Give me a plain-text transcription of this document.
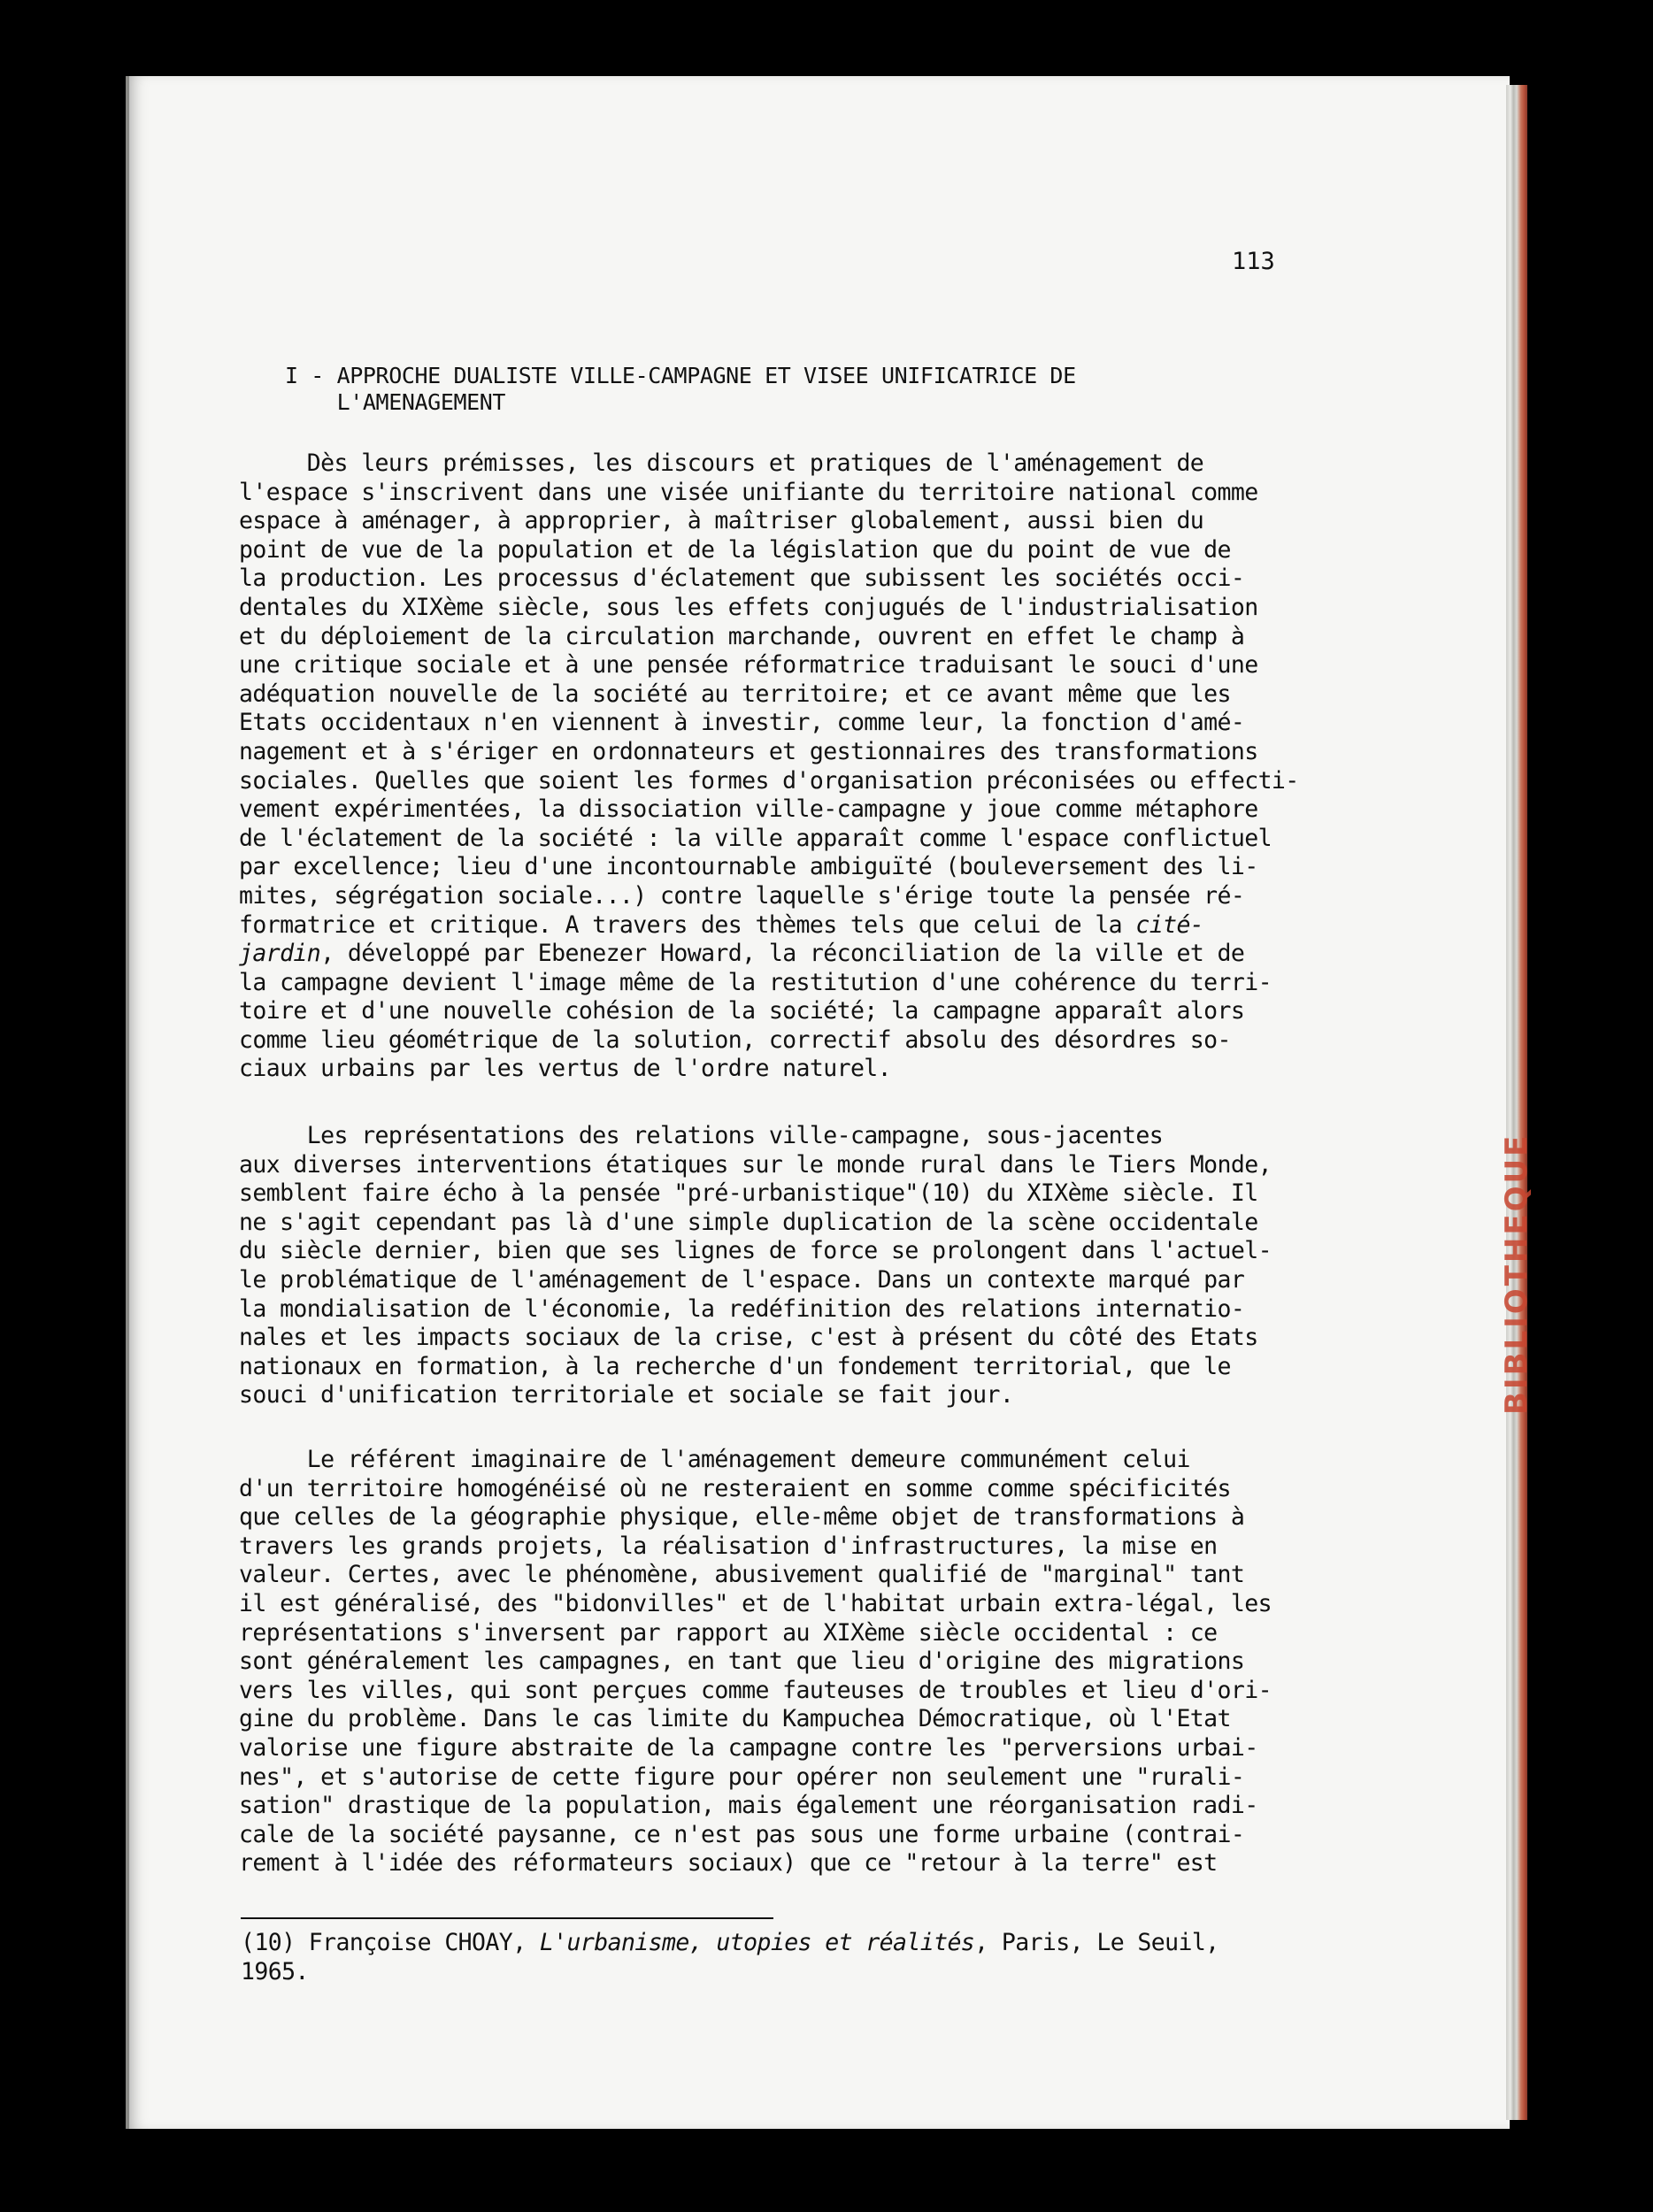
BIBLIOTHEQUE
113
I - APPROCHE DUALISTE VILLE-CAMPAGNE ET VISEE UNIFICATRICE DE
L'AMENAGEMENT
Dès leurs prémisses, les discours et pratiques de l'aménagement de
l'espace s'inscrivent dans une visée unifiante du territoire national comme
espace à aménager, à approprier, à maîtriser globalement, aussi bien du
point de vue de la population et de la législation que du point de vue de
la production. Les processus d'éclatement que subissent les sociétés occi-
dentales du XIXème siècle, sous les effets conjugués de l'industrialisation
et du déploiement de la circulation marchande, ouvrent en effet le champ à
une critique sociale et à une pensée réformatrice traduisant le souci d'une
adéquation nouvelle de la société au territoire; et ce avant même que les
Etats occidentaux n'en viennent à investir, comme leur, la fonction d'amé-
nagement et à s'ériger en ordonnateurs et gestionnaires des transformations
sociales. Quelles que soient les formes d'organisation préconisées ou effecti-
vement expérimentées, la dissociation ville-campagne y joue comme métaphore
de l'éclatement de la société : la ville apparaît comme l'espace conflictuel
par excellence; lieu d'une incontournable ambiguïté (bouleversement des li-
mites, ségrégation sociale...) contre laquelle s'érige toute la pensée ré-
formatrice et critique. A travers des thèmes tels que celui de la cité-
jardin, développé par Ebenezer Howard, la réconciliation de la ville et de
la campagne devient l'image même de la restitution d'une cohérence du terri-
toire et d'une nouvelle cohésion de la société; la campagne apparaît alors
comme lieu géométrique de la solution, correctif absolu des désordres so-
ciaux urbains par les vertus de l'ordre naturel.
Les représentations des relations ville-campagne, sous-jacentes
aux diverses interventions étatiques sur le monde rural dans le Tiers Monde,
semblent faire écho à la pensée "pré-urbanistique"(10) du XIXème siècle. Il
ne s'agit cependant pas là d'une simple duplication de la scène occidentale
du siècle dernier, bien que ses lignes de force se prolongent dans l'actuel-
le problématique de l'aménagement de l'espace. Dans un contexte marqué par
la mondialisation de l'économie, la redéfinition des relations internatio-
nales et les impacts sociaux de la crise, c'est à présent du côté des Etats
nationaux en formation, à la recherche d'un fondement territorial, que le
souci d'unification territoriale et sociale se fait jour.
Le référent imaginaire de l'aménagement demeure communément celui
d'un territoire homogénéisé où ne resteraient en somme comme spécificités
que celles de la géographie physique, elle-même objet de transformations à
travers les grands projets, la réalisation d'infrastructures, la mise en
valeur. Certes, avec le phénomène, abusivement qualifié de "marginal" tant
il est généralisé, des "bidonvilles" et de l'habitat urbain extra-légal, les
représentations s'inversent par rapport au XIXème siècle occidental : ce
sont généralement les campagnes, en tant que lieu d'origine des migrations
vers les villes, qui sont perçues comme fauteuses de troubles et lieu d'ori-
gine du problème. Dans le cas limite du Kampuchea Démocratique, où l'Etat
valorise une figure abstraite de la campagne contre les "perversions urbai-
nes", et s'autorise de cette figure pour opérer non seulement une "rurali-
sation" drastique de la population, mais également une réorganisation radi-
cale de la société paysanne, ce n'est pas sous une forme urbaine (contrai-
rement à l'idée des réformateurs sociaux) que ce "retour à la terre" est
(10) Françoise CHOAY, L'urbanisme, utopies et réalités, Paris, Le Seuil,
1965.
